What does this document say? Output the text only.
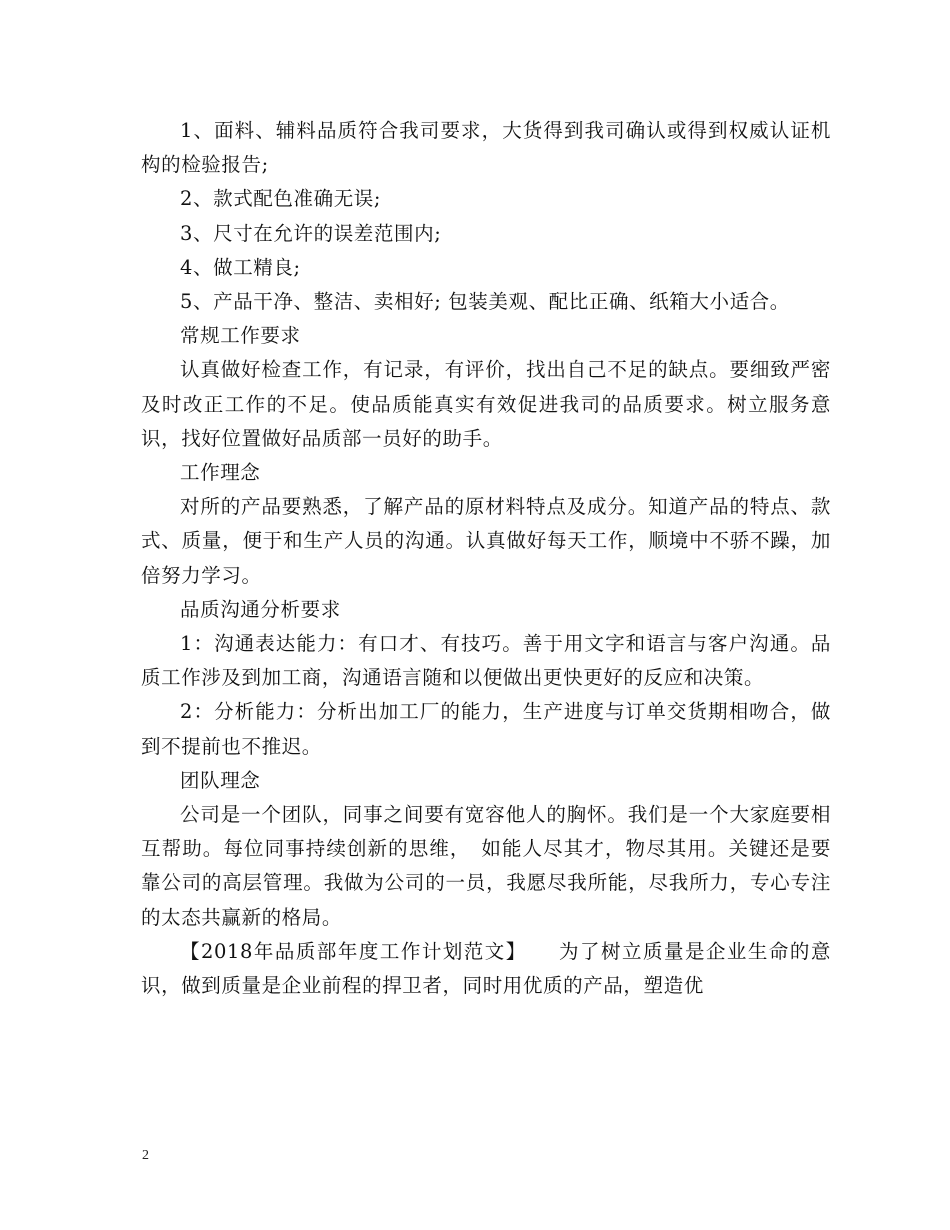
1、面料、辅料品质符合我司要求，大货得到我司确认或得到权威认证机构的检验报告;

2、款式配色准确无误;

3、尺寸在允许的误差范围内;

4、做工精良;

5、产品干净、整洁、卖相好; 包装美观、配比正确、纸箱大小适合。

常规工作要求

认真做好检查工作，有记录，有评价，找出自己不足的缺点。要细致严密及时改正工作的不足。使品质能真实有效促进我司的品质要求。树立服务意识，找好位置做好品质部一员好的助手。

工作理念

对所的产品要熟悉，了解产品的原材料特点及成分。知道产品的特点、款式、质量，便于和生产人员的沟通。认真做好每天工作，顺境中不骄不躁，加倍努力学习。

品质沟通分析要求

1：沟通表达能力：有口才、有技巧。善于用文字和语言与客户沟通。品质工作涉及到加工商，沟通语言随和以便做出更快更好的反应和决策。

2：分析能力：分析出加工厂的能力，生产进度与订单交货期相吻合，做到不提前也不推迟。

团队理念

公司是一个团队，同事之间要有宽容他人的胸怀。我们是一个大家庭要相互帮助。每位同事持续创新的思维，　如能人尽其才，物尽其用。关键还是要靠公司的高层管理。我做为公司的一员，我愿尽我所能，尽我所力，专心专注的太态共赢新的格局。

【2018年品质部年度工作计划范文】　　为了树立质量是企业生命的意识，做到质量是企业前程的捍卫者，同时用优质的产品，塑造优

2
